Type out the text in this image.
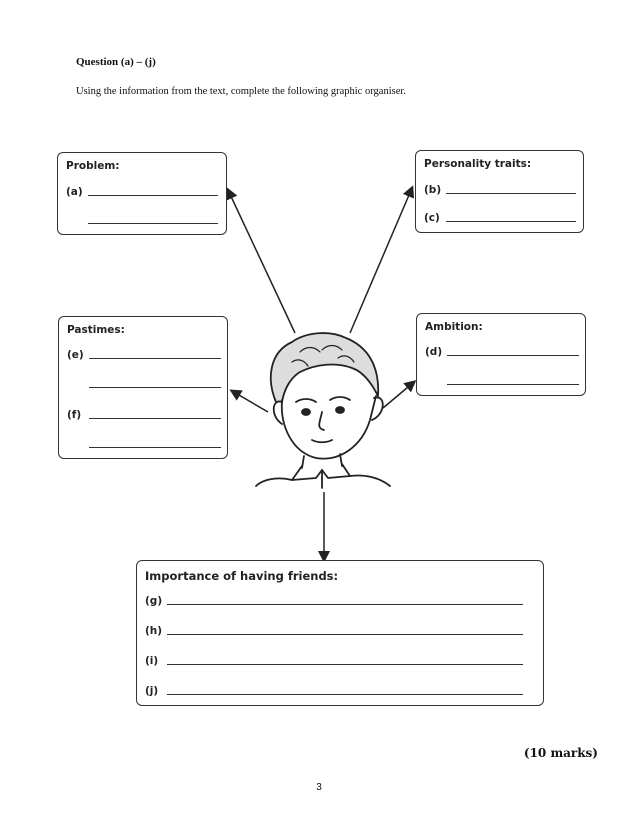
Question (a) – (j)
Using the information from the text, complete the following graphic organiser.
Problem:
(a)
Personality traits:
(b)
(c)
Pastimes:
(e)
(f)
Ambition:
(d)
Importance of having friends:
(g)
(h)
(i)
(j)
(10 marks)
3
